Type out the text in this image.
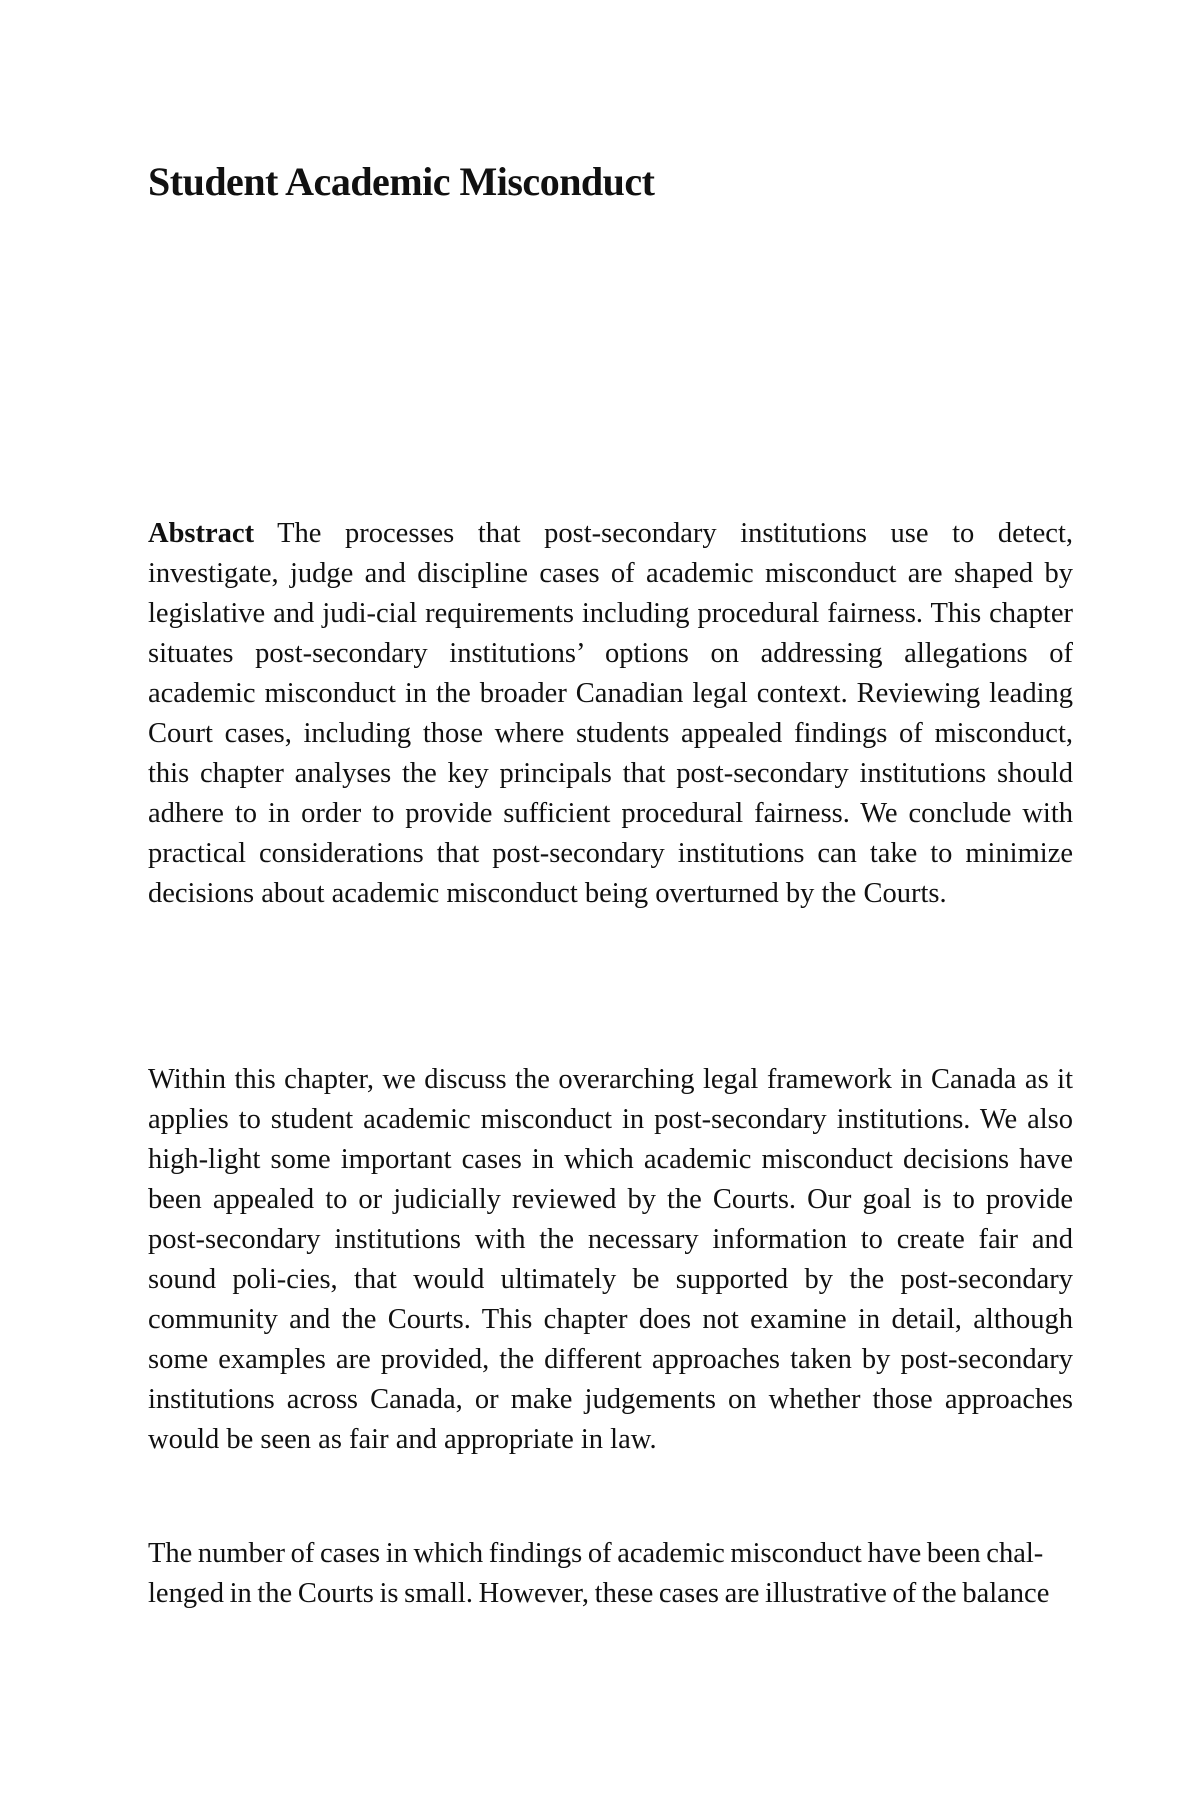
Student Academic Misconduct

Abstract The processes that post-secondary institutions use to detect, investigate, judge and discipline cases of academic misconduct are shaped by legislative and judi-cial requirements including procedural fairness. This chapter situates post-secondary institutions’ options on addressing allegations of academic misconduct in the broader Canadian legal context. Reviewing leading Court cases, including those where students appealed findings of misconduct, this chapter analyses the key principals that post-secondary institutions should adhere to in order to provide sufficient procedural fairness. We conclude with practical considerations that post-secondary institutions can take to minimize decisions about academic misconduct being overturned by the Courts.

Within this chapter, we discuss the overarching legal framework in Canada as it applies to student academic misconduct in post-secondary institutions. We also high-light some important cases in which academic misconduct decisions have been appealed to or judicially reviewed by the Courts. Our goal is to provide post-secondary institutions with the necessary information to create fair and sound poli-cies, that would ultimately be supported by the post-secondary community and the Courts. This chapter does not examine in detail, although some examples are provided, the different approaches taken by post-secondary institutions across Canada, or make judgements on whether those approaches would be seen as fair and appropriate in law.

The number of cases in which findings of academic misconduct have been chal-lenged in the Courts is small. However, these cases are illustrative of the balance
